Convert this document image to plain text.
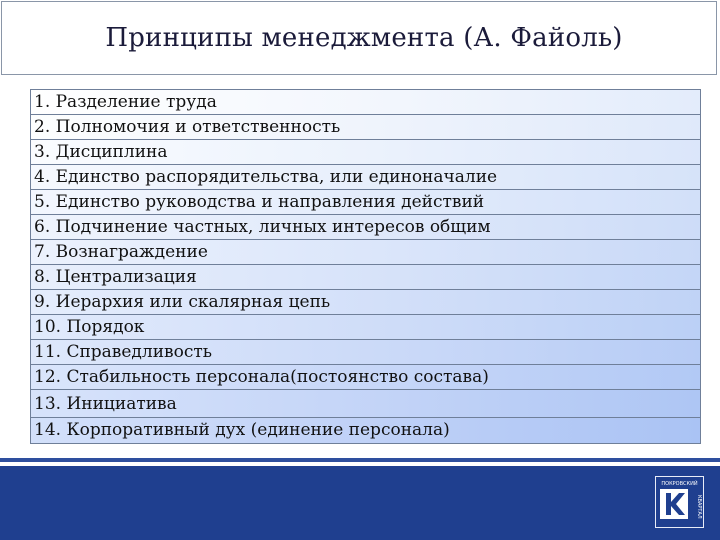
Принципы менеджмента (А. Файоль)
1. Разделение труда
2. Полномочия и ответственность
3. Дисциплина
4. Единство распорядительства, или единоначалие
5. Единство руководства и направления действий
6. Подчинение частных, личных интересов общим
7. Вознаграждение
8. Централизация
9. Иерархия или скалярная цепь
10. Порядок
11. Справедливость
12. Стабильность персонала(постоянство состава)
13. Инициатива
14. Корпоративный дух (единение персонала)
ПОКРОВСКИЙ
КВАРТАЛ
